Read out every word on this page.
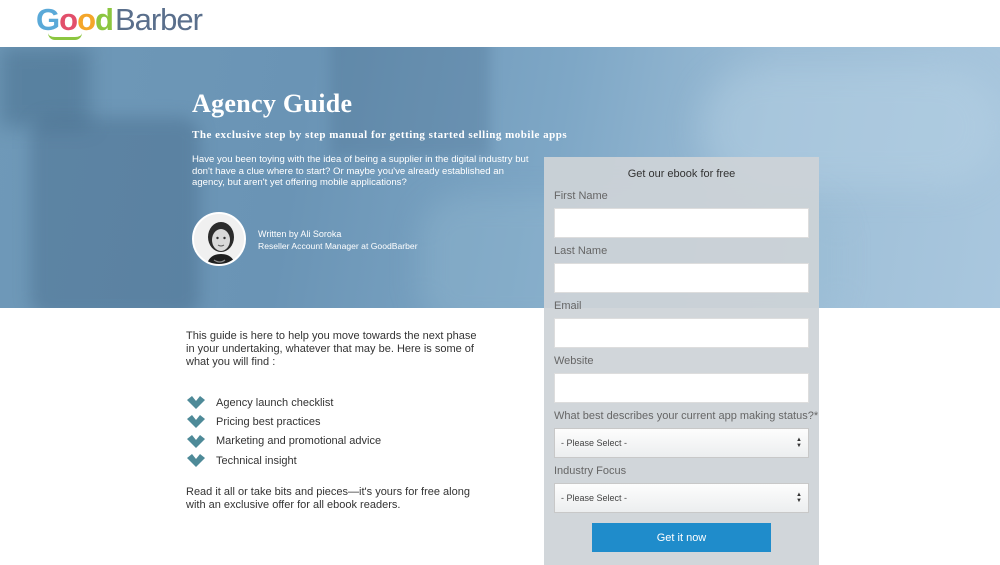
Good Barber
Agency Guide
The exclusive step by step manual for getting started selling mobile apps

Have you been toying with the idea of being a supplier in the digital industry but don't have a clue where to start? Or maybe you've already established an agency, but aren't yet offering mobile applications?

Written by Ali Soroka
Reseller Account Manager at GoodBarber

This guide is here to help you move towards the next phase in your undertaking, whatever that may be. Here is some of what you will find :

Agency launch checklist
Pricing best practices
Marketing and promotional advice
Technical insight

Read it all or take bits and pieces—it's yours for free along with an exclusive offer for all ebook readers.

Get our ebook for free
First Name
Last Name
Email
Website
What best describes your current app making status?*
- Please Select -	▲
▼
Industry Focus
- Please Select -	▲
▼
Get it now
